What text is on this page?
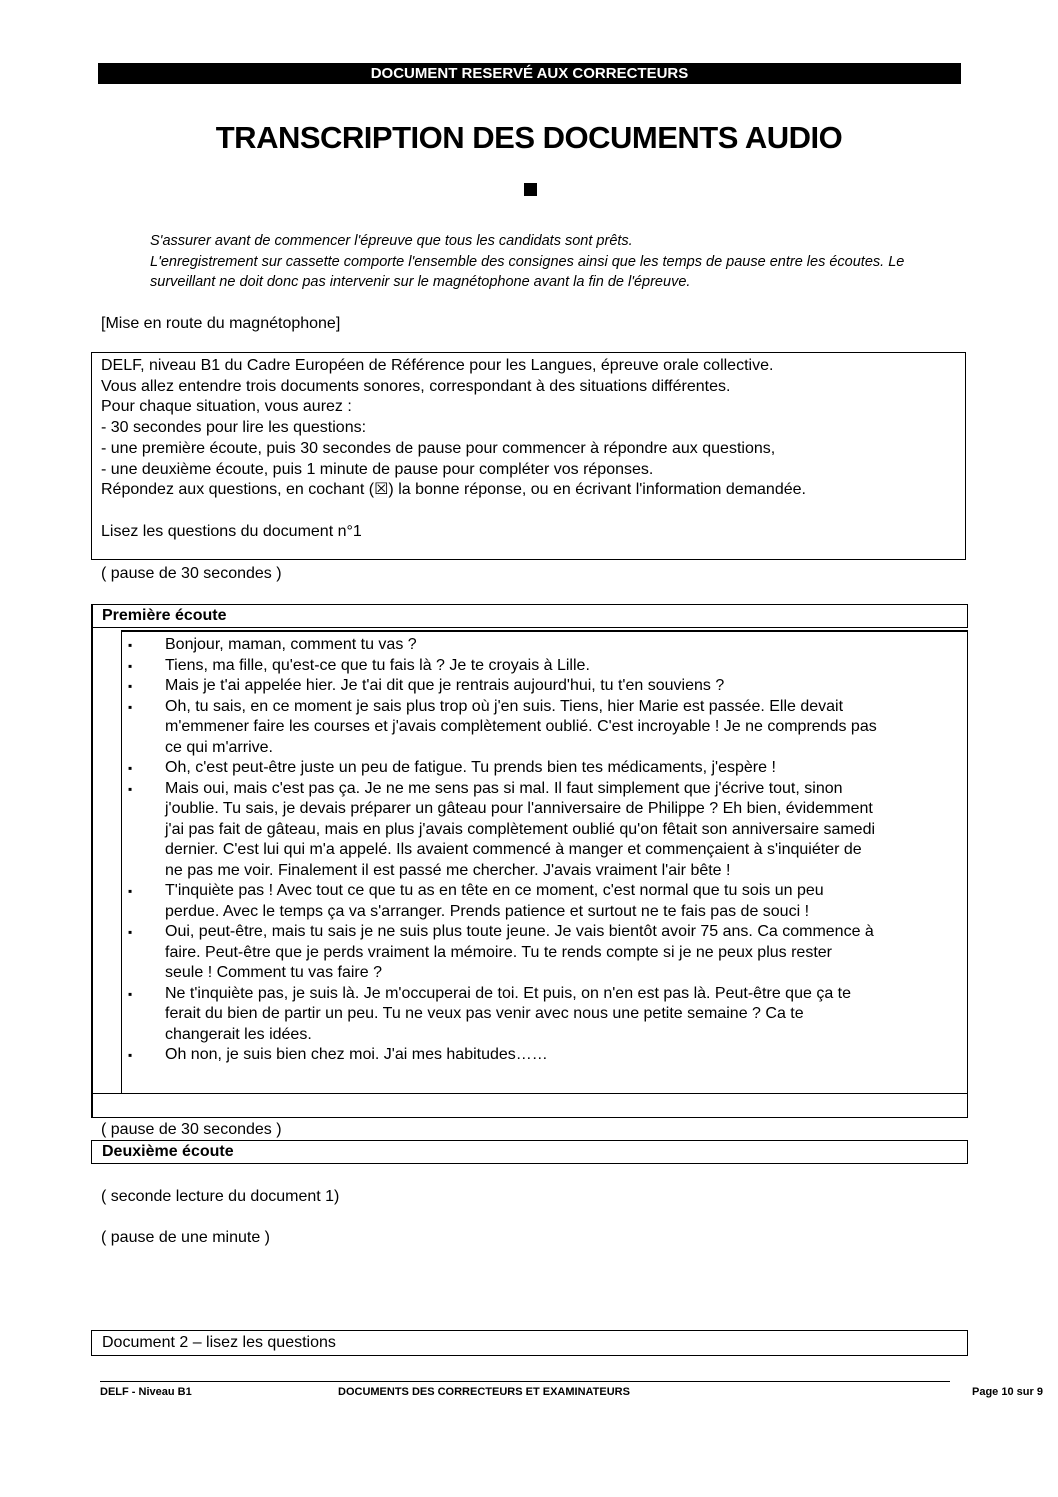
DOCUMENT RESERVÉ AUX CORRECTEURS
TRANSCRIPTION DES DOCUMENTS AUDIO
S'assurer avant de commencer l'épreuve que tous les candidats sont prêts.
L'enregistrement sur cassette comporte l'ensemble des consignes ainsi que les temps de pause entre les écoutes. Le
surveillant ne doit donc pas intervenir sur le magnétophone avant la fin de l'épreuve.
[Mise en route du magnétophone]
DELF, niveau B1 du Cadre Européen de Référence pour les Langues, épreuve orale collective.
Vous allez entendre trois documents sonores, correspondant à des situations différentes.
Pour chaque situation, vous aurez :
- 30 secondes pour lire les questions:
- une première écoute, puis 30 secondes de pause pour commencer à répondre aux questions,
- une deuxième écoute, puis 1 minute de pause pour compléter vos réponses.
Répondez aux questions, en cochant (☒) la bonne réponse, ou en écrivant l'information demandée.
Lisez les questions du document n°1
( pause de 30 secondes )
Première écoute
▪ Bonjour, maman, comment tu vas ?
▪ Tiens, ma fille, qu'est-ce que tu fais là ? Je te croyais à Lille.
▪ Mais je t'ai appelée hier. Je t'ai dit que je rentrais aujourd'hui, tu t'en souviens ?
▪ Oh, tu sais, en ce moment je sais plus trop où j'en suis. Tiens, hier Marie est passée. Elle devait
m'emmener faire les courses et j'avais complètement oublié. C'est incroyable ! Je ne comprends pas
ce qui m'arrive.
▪ Oh, c'est peut-être juste un peu de fatigue. Tu prends bien tes médicaments, j'espère !
▪ Mais oui, mais c'est pas ça. Je ne me sens pas si mal. Il faut simplement que j'écrive tout, sinon
j'oublie. Tu sais, je devais préparer un gâteau pour l'anniversaire de Philippe ? Eh bien, évidemment
j'ai pas fait de gâteau, mais en plus j'avais complètement oublié qu'on fêtait son anniversaire samedi
dernier. C'est lui qui m'a appelé. Ils avaient commencé à manger et commençaient à s'inquiéter de
ne pas me voir. Finalement il est passé me chercher. J'avais vraiment l'air bête !
▪ T'inquiète pas ! Avec tout ce que tu as en tête en ce moment, c'est normal que tu sois un peu
perdue. Avec le temps ça va s'arranger. Prends patience et surtout ne te fais pas de souci !
▪ Oui, peut-être, mais tu sais je ne suis plus toute jeune. Je vais bientôt avoir 75 ans. Ca commence à
faire. Peut-être que je perds vraiment la mémoire. Tu te rends compte si je ne peux plus rester
seule ! Comment tu vas faire ?
▪ Ne t'inquiète pas, je suis là. Je m'occuperai de toi. Et puis, on n'en est pas là. Peut-être que ça te
ferait du bien de partir un peu. Tu ne veux pas venir avec nous une petite semaine ? Ca te
changerait les idées.
▪ Oh non, je suis bien chez moi. J'ai mes habitudes……
( pause de 30 secondes )
Deuxième écoute
( seconde lecture du document 1)
( pause de une minute )
Document 2 – lisez les questions
DELF - Niveau B1	DOCUMENTS DES CORRECTEURS ET EXAMINATEURS	Page 10 sur 9
